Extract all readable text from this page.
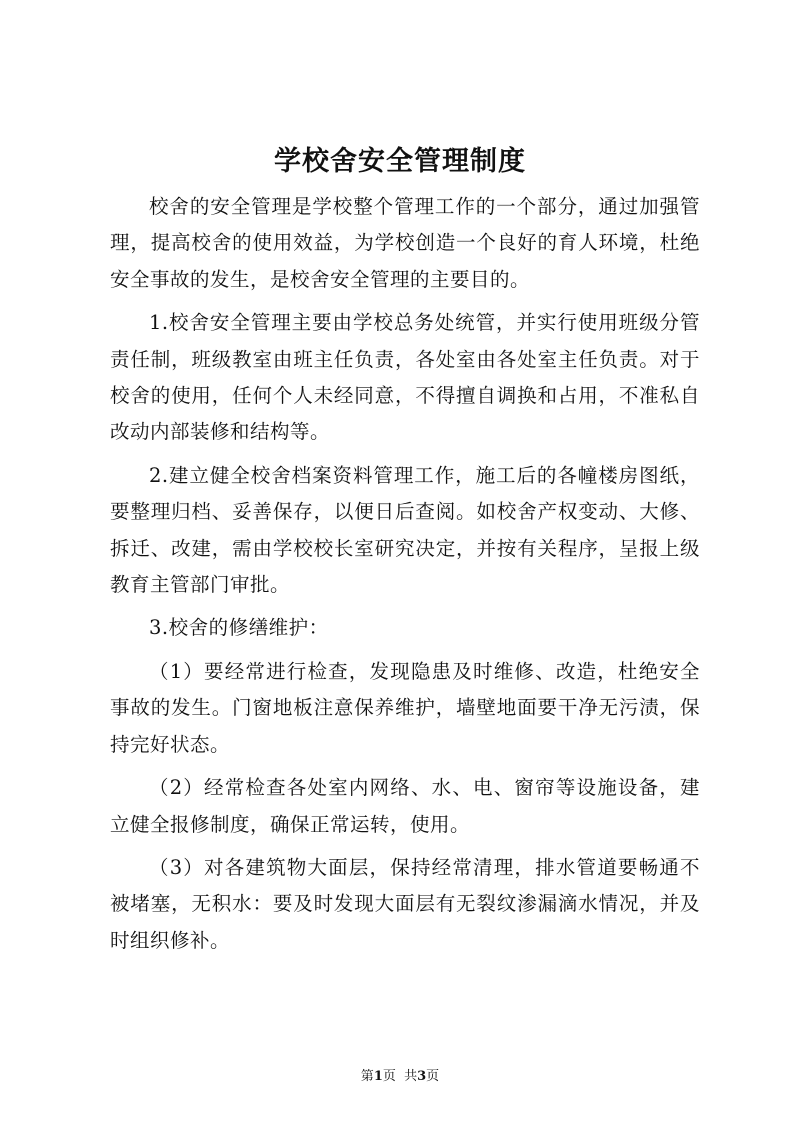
学校舍安全管理制度

校舍的安全管理是学校整个管理工作的一个部分，通过加强管理，提高校舍的使用效益，为学校创造一个良好的育人环境，杜绝安全事故的发生，是校舍安全管理的主要目的。

1.校舍安全管理主要由学校总务处统管，并实行使用班级分管责任制，班级教室由班主任负责，各处室由各处室主任负责。对于校舍的使用，任何个人未经同意，不得擅自调换和占用，不准私自改动内部装修和结构等。

2.建立健全校舍档案资料管理工作，施工后的各幢楼房图纸，要整理归档、妥善保存，以便日后查阅。如校舍产权变动、大修、拆迁、改建，需由学校校长室研究决定，并按有关程序，呈报上级教育主管部门审批。

3.校舍的修缮维护：

（1）要经常进行检查，发现隐患及时维修、改造，杜绝安全事故的发生。门窗地板注意保养维护，墙壁地面要干净无污渍，保持完好状态。

（2）经常检查各处室内网络、水、电、窗帘等设施设备，建立健全报修制度，确保正常运转，使用。

（3）对各建筑物大面层，保持经常清理，排水管道要畅通不被堵塞，无积水：要及时发现大面层有无裂纹渗漏滴水情况，并及时组织修补。

第1页  共3页
